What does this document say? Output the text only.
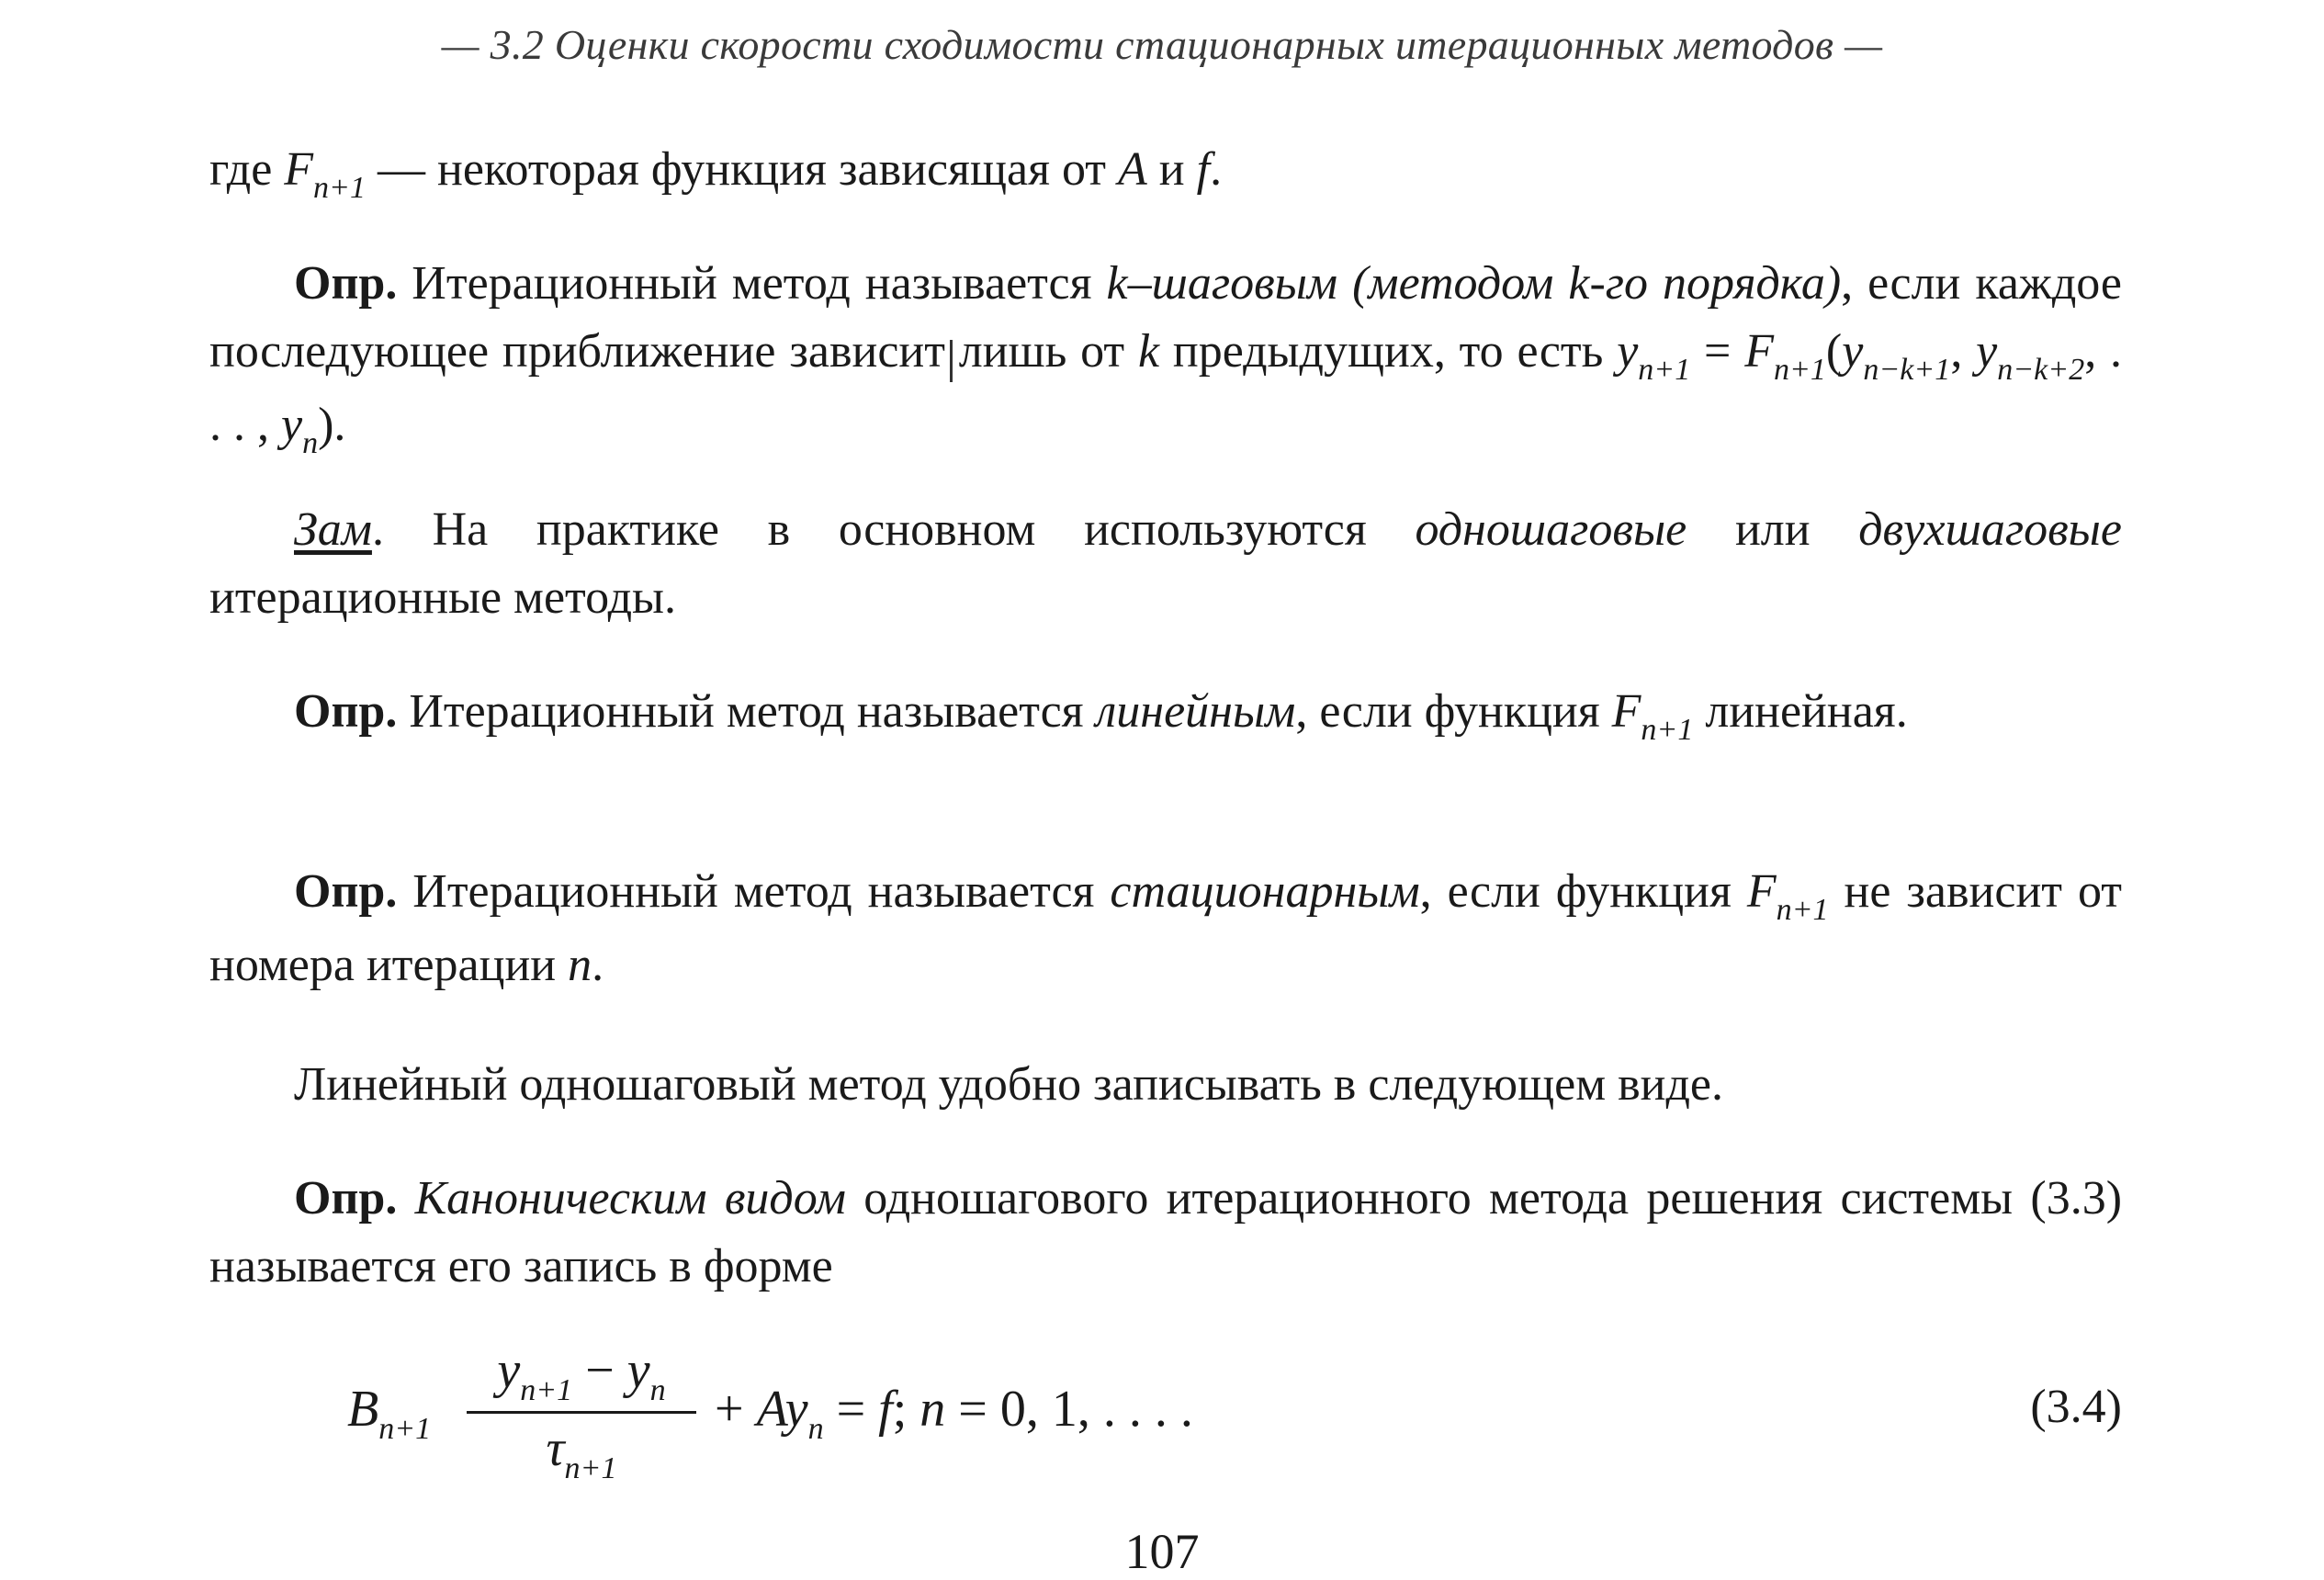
— 3.2 Оценки скорости сходимости стационарных итерационных методов —
где $F_{n+1}$ — некоторая функция зависящая от A и f.
Опр. Итерационный метод называется k–шаговым (методом k-го порядка), если каждое последующее приближение зависит лишь от k предыдущих, то есть $y_{n+1} = F_{n+1}(y_{n-k+1}$, $y_{n-k+2}$, . . . , $y_n$).
Зам. На практике в основном используются одношаговые или двухшаговые итерационные методы.
Опр. Итерационный метод называется линейным, если функция $F_{n+1}$ линейная.
Опр. Итерационный метод называется стационарным, если функция $F_{n+1}$ не зависит от номера итерации n.
Линейный одношаговый метод удобно записывать в следующем виде.
Опр. Каноническим видом одношагового итерационного метода решения системы (3.3) называется его запись в форме
$B_{n+1}$
$y_{n+1} - y_n$
$\tau_{n+1}$
+ $Ay_n = f$; n = 0, 1, . . . .	(3.4)
107
